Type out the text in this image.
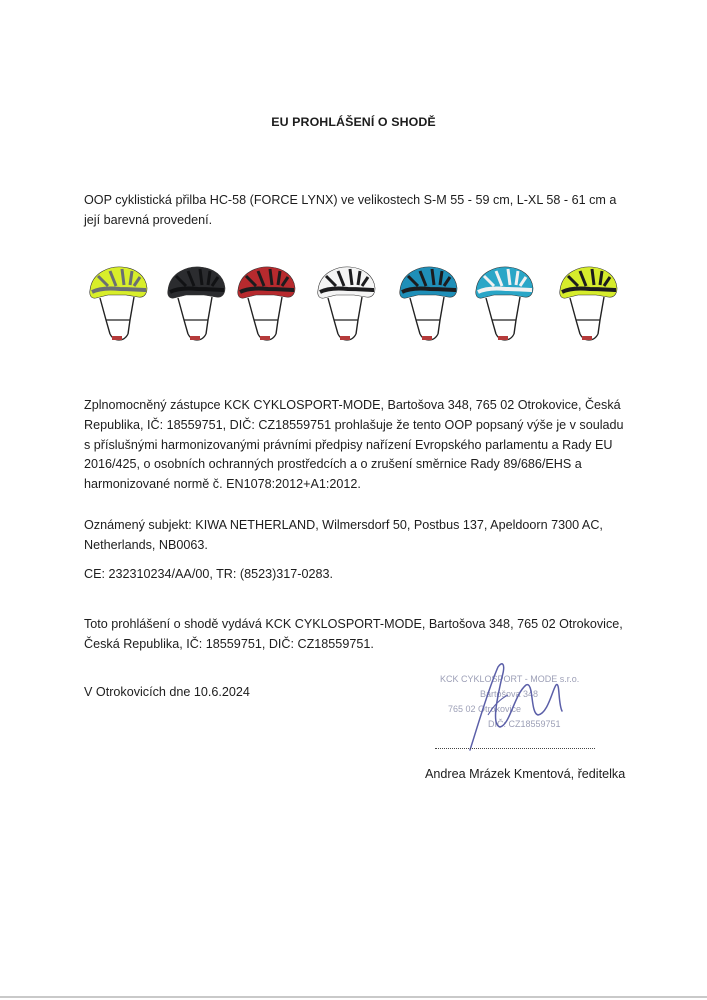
EU PROHLÁŠENÍ O SHODĚ

OOP cyklistická přilba HC-58 (FORCE LYNX) ve velikostech S-M 55 - 59 cm, L-XL 58 - 61 cm a její barevná provedení.

Zplnomocněný zástupce KCK CYKLOSPORT-MODE, Bartošova 348, 765 02 Otrokovice, Česká Republika, IČ: 18559751, DIČ: CZ18559751 prohlašuje že tento OOP popsaný výše je v souladu s příslušnými harmonizovanými právními předpisy nařízení Evropského parlamentu a Rady EU 2016/425, o osobních ochranných prostředcích a o zrušení směrnice Rady 89/686/EHS a harmonizované normě č. EN1078:2012+A1:2012.

Oznámený subjekt: KIWA NETHERLAND, Wilmersdorf 50, Postbus 137, Apeldoorn 7300 AC, Netherlands, NB0063.

CE: 232310234/AA/00, TR: (8523)317-0283.

Toto prohlášení o shodě vydává KCK CYKLOSPORT-MODE, Bartošova 348, 765 02 Otrokovice, Česká Republika, IČ: 18559751, DIČ: CZ18559751.

V Otrokovicích dne 10.6.2024

KCK CYKLOSPORT - MODE s.r.o.
Bartošova 348
765 02 Otrokovice
DIČ: CZ18559751
Andrea Mrázek Kmentová, ředitelka
